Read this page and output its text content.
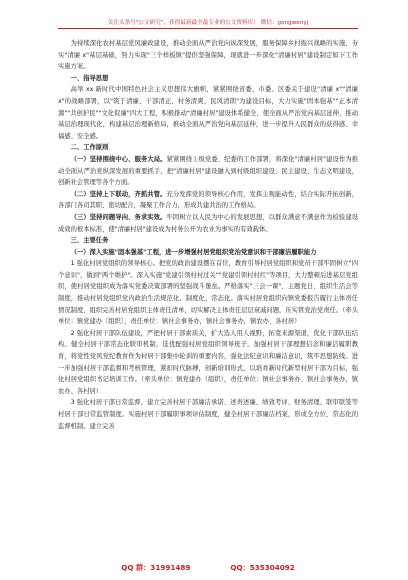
关注头条号"公文研究"，获得最新最全最专业的公文资料库！ 微信：gongwenyj

为持续深化农村基层党风廉政建设，推动全面从严治党向纵深发展，服务保障乡村振兴战略的实施，夯实"清廉 x"基层基础，努力实现"三个样板镇"提供坚强保障，现就进一步深化"清廉村居"建设制定如下工作实施方案。

一、指导思想

高举 xx 新时代中国特色社会主义思想伟大旗帜，紧紧围绕省委、市委、区委关于建设"清廉 x""清廉 x"的战略部署，以"筑于清廉、干部清正、村务清爽、民风清朗"为建设目标，大力实施"固本强基""正本清源""共创护民""文化促廉"四大工程，积极推动"清廉村居"建设体系健全，使全面从严治党向基层延伸，推动基层治理现代化，构建基层治理新格局，推动全面从严治党向基层延伸，进一步提升人民群众的获得感、幸福感、安全感。

二、工作原则

（一）坚持围绕中心、服务大局。紧紧围绕上级党委、纪委的工作部署，将深化"清廉村居"建设作为推动全面从严治党纵深发展的重要抓手，把"清廉村居"建设融入到村级组织建设、民主建设、生态文明建设，创新社会管理等各个方面。

（二）坚持上下联动，齐抓共管。充分发挥党的领导核心作用，发挥主观能动性，结合实际开拓创新，各部门各司其职、密切配合，凝聚工作合力，形成共建共治的工作格局。

（三）坚持问题导向、务求实效。牢固树立以人民为中心的发展思想，以群众满意不满意作为检验建设成效的根本标准，使"清廉村居"建设成为村务公开为农业为事实的有效载体。

三、主要任务

（一）深入实施"固本强基"工程，进一步增强村居党组织党治党意识和干部廉洁履职能力

1 强化村居党组织的领导核心。把党的政治建设摆在首位，教育引导村居党组织和党员干部牢固树立"四个意识"，做到"两个维护"。深入实施"党建引领村村过关""党建引领村村红"等项目，大力整顿后进基层党组织，使村居党组织成为落实党委决策部署的坚强战斗堡垒。严格落实"三会一课"、主题党日、组织生活会等制度，推动村居党组织党内政治生活规范化、制度化、常态化。落实村居党组织向镇党委报告履行主体责任情况制度，组织完善村居党组织主体责任清单，切实解决主体责任层层衰减问题，压实管党治党责任。（牵头单位：镇党建办〔组织〕，责任单位：镇社会事务办，镇社会事务办，镇农办、各村居）

2 强化村居干部队伍建设，严把村居干部素质关，扩大选人用人视野，拓宽来源渠道，优化干部队伍结构。健全村居干部常态化联审机制，选优配强村居党组织领导班子。加强村居干部理想信念和廉洁履职教育，将党性党风党纪教育作为村居干部集中轮训的重要内容，强化法纪意识和廉洁意识，筑牢思想防线。进一步加强村居干部监督和考核管理，紧扣时代脉搏，创新培训形式，以培育新时代新型村居干部为目标，强化村居党组织书记培训工作。（牵头单位：镇党建办（组织），责任单位：镇社会事务办、镇社会事务办，镇农办、各村居）

3 强化村居干部日常监督。建立完善村居干部廉洁承诺、述责述廉、绩效考评、财务清理、联审联签等村居干部日常监管制度。实施村居干部履职事项评估制度，健全村居干部廉洁档案，形成全方位、常态化的监督机制。建立完善

QQ 群：31991489	QQ：535304092
